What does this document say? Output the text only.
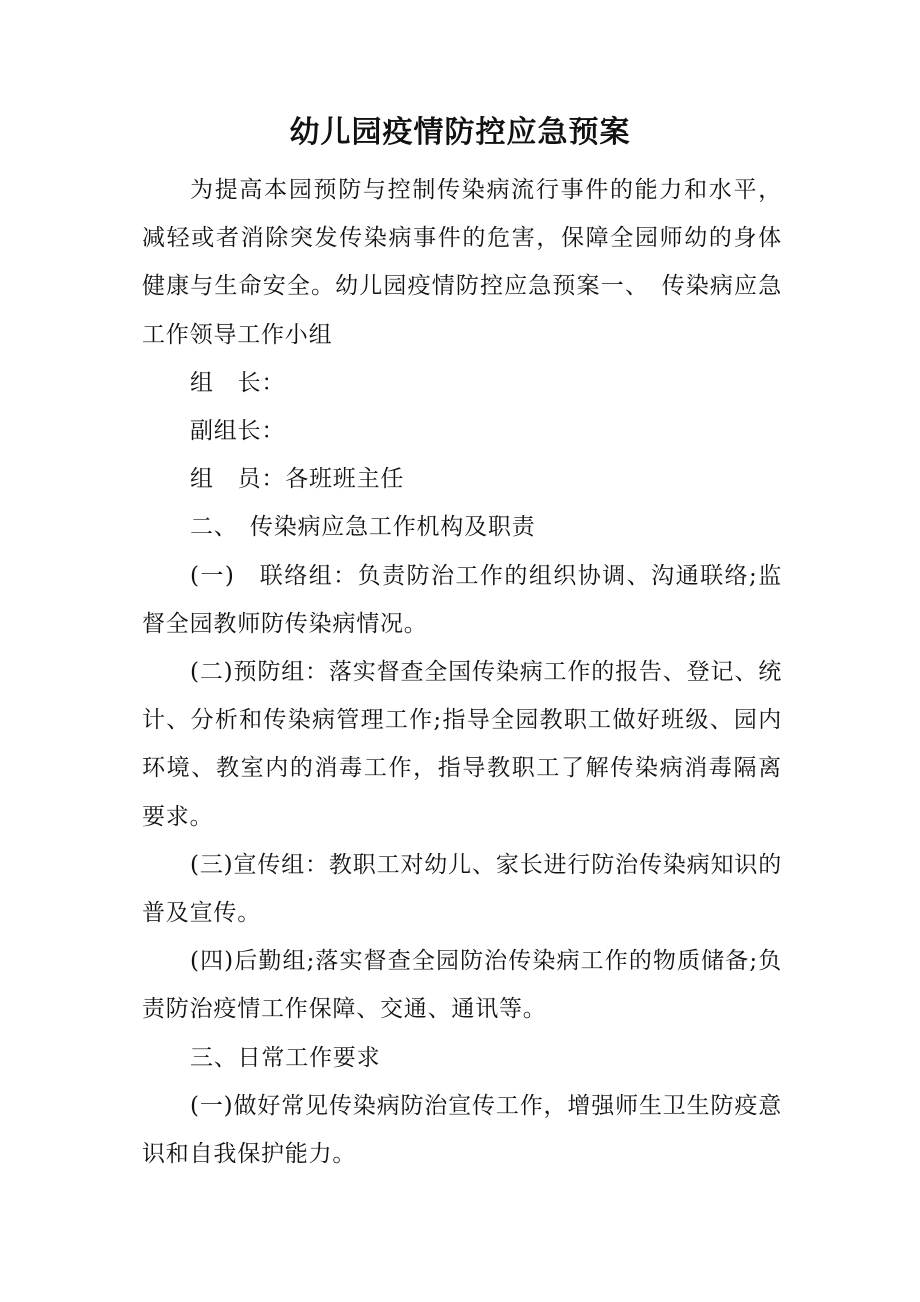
幼儿园疫情防控应急预案

为提高本园预防与控制传染病流行事件的能力和水平，减轻或者消除突发传染病事件的危害，保障全园师幼的身体健康与生命安全。幼儿园疫情防控应急预案一、　传染病应急工作领导工作小组

组　长：

副组长：

组　员：各班班主任

二、　传染病应急工作机构及职责

(一)　联络组：负责防治工作的组织协调、沟通联络;监督全园教师防传染病情况。

(二)预防组：落实督查全国传染病工作的报告、登记、统计、分析和传染病管理工作;指导全园教职工做好班级、园内环境、教室内的消毒工作，指导教职工了解传染病消毒隔离要求。

(三)宣传组：教职工对幼儿、家长进行防治传染病知识的普及宣传。

(四)后勤组;落实督查全园防治传染病工作的物质储备;负责防治疫情工作保障、交通、通讯等。

三、日常工作要求

(一)做好常见传染病防治宣传工作，增强师生卫生防疫意识和自我保护能力。
